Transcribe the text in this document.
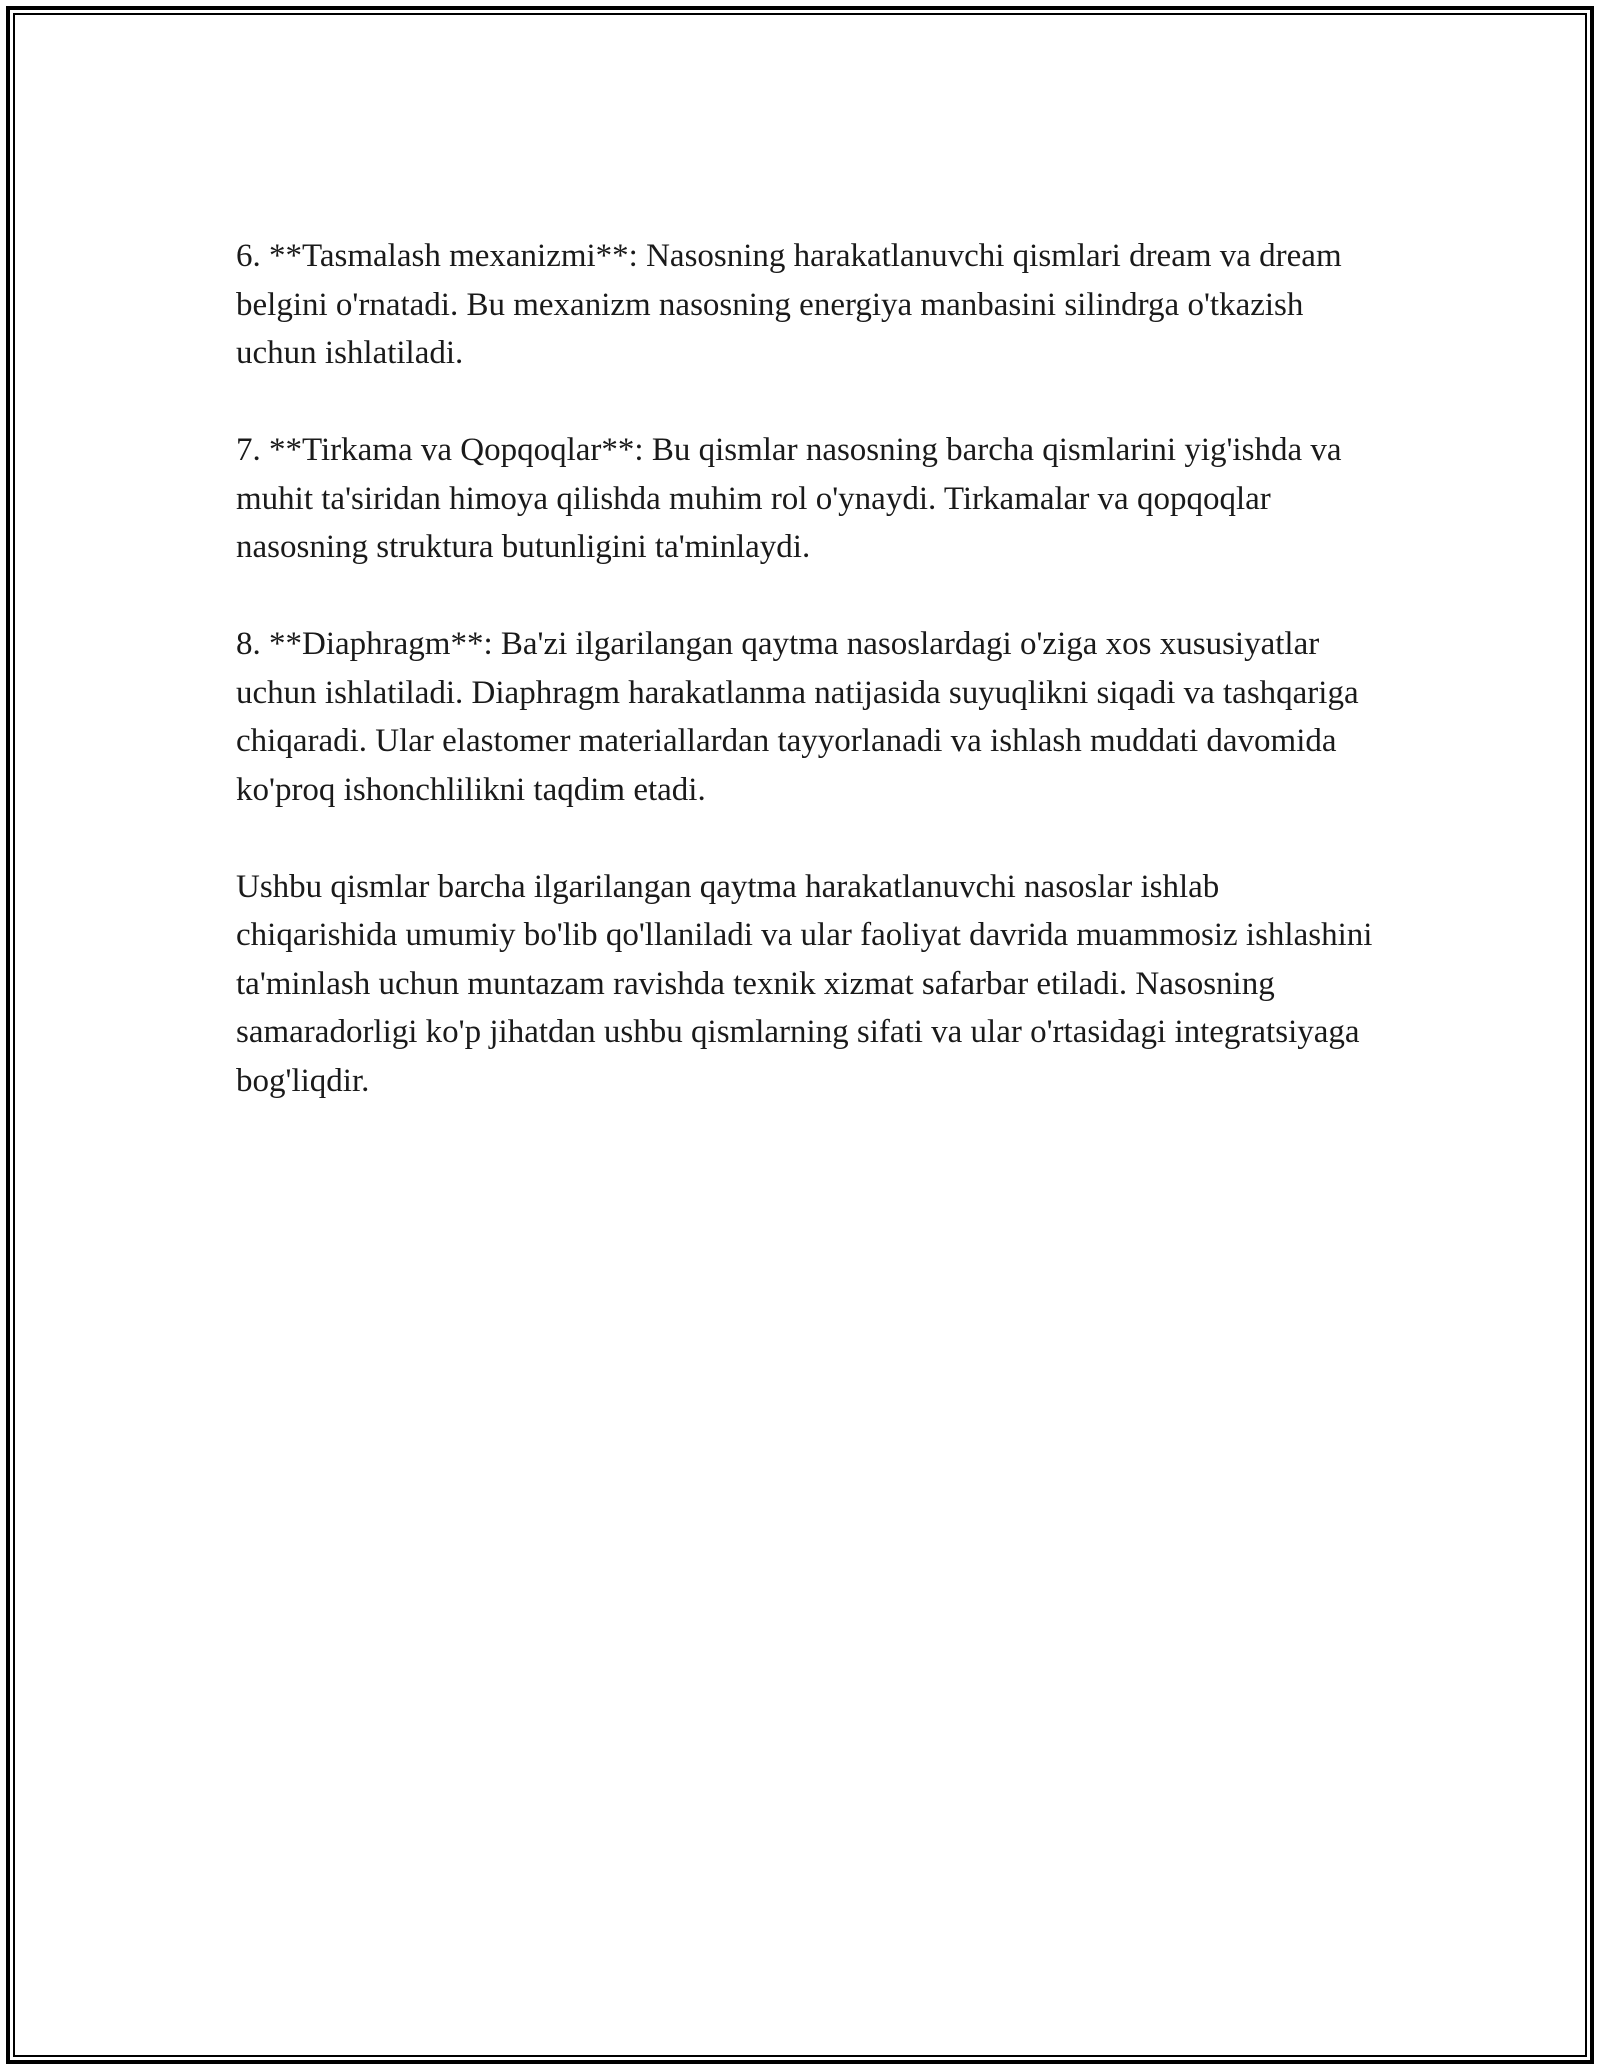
6. **Tasmalash mexanizmi**: Nasosning harakatlanuvchi qismlari dream va dream belgini o'rnatadi. Bu mexanizm nasosning energiya manbasini silindrga o'tkazish uchun ishlatiladi.

7. **Tirkama va Qopqoqlar**: Bu qismlar nasosning barcha qismlarini yig'ishda va muhit ta'siridan himoya qilishda muhim rol o'ynaydi. Tirkamalar va qopqoqlar nasosning struktura butunligini ta'minlaydi.

8. **Diaphragm**: Ba'zi ilgarilangan qaytma nasoslardagi o'ziga xos xususiyatlar uchun ishlatiladi. Diaphragm harakatlanma natijasida suyuqlikni siqadi va tashqariga chiqaradi. Ular elastomer materiallardan tayyorlanadi va ishlash muddati davomida ko'proq ishonchlilikni taqdim etadi.

Ushbu qismlar barcha ilgarilangan qaytma harakatlanuvchi nasoslar ishlab chiqarishida umumiy bo'lib qo'llaniladi va ular faoliyat davrida muammosiz ishlashini ta'minlash uchun muntazam ravishda texnik xizmat safarbar etiladi. Nasosning samaradorligi ko'p jihatdan ushbu qismlarning sifati va ular o'rtasidagi integratsiyaga bog'liqdir.
